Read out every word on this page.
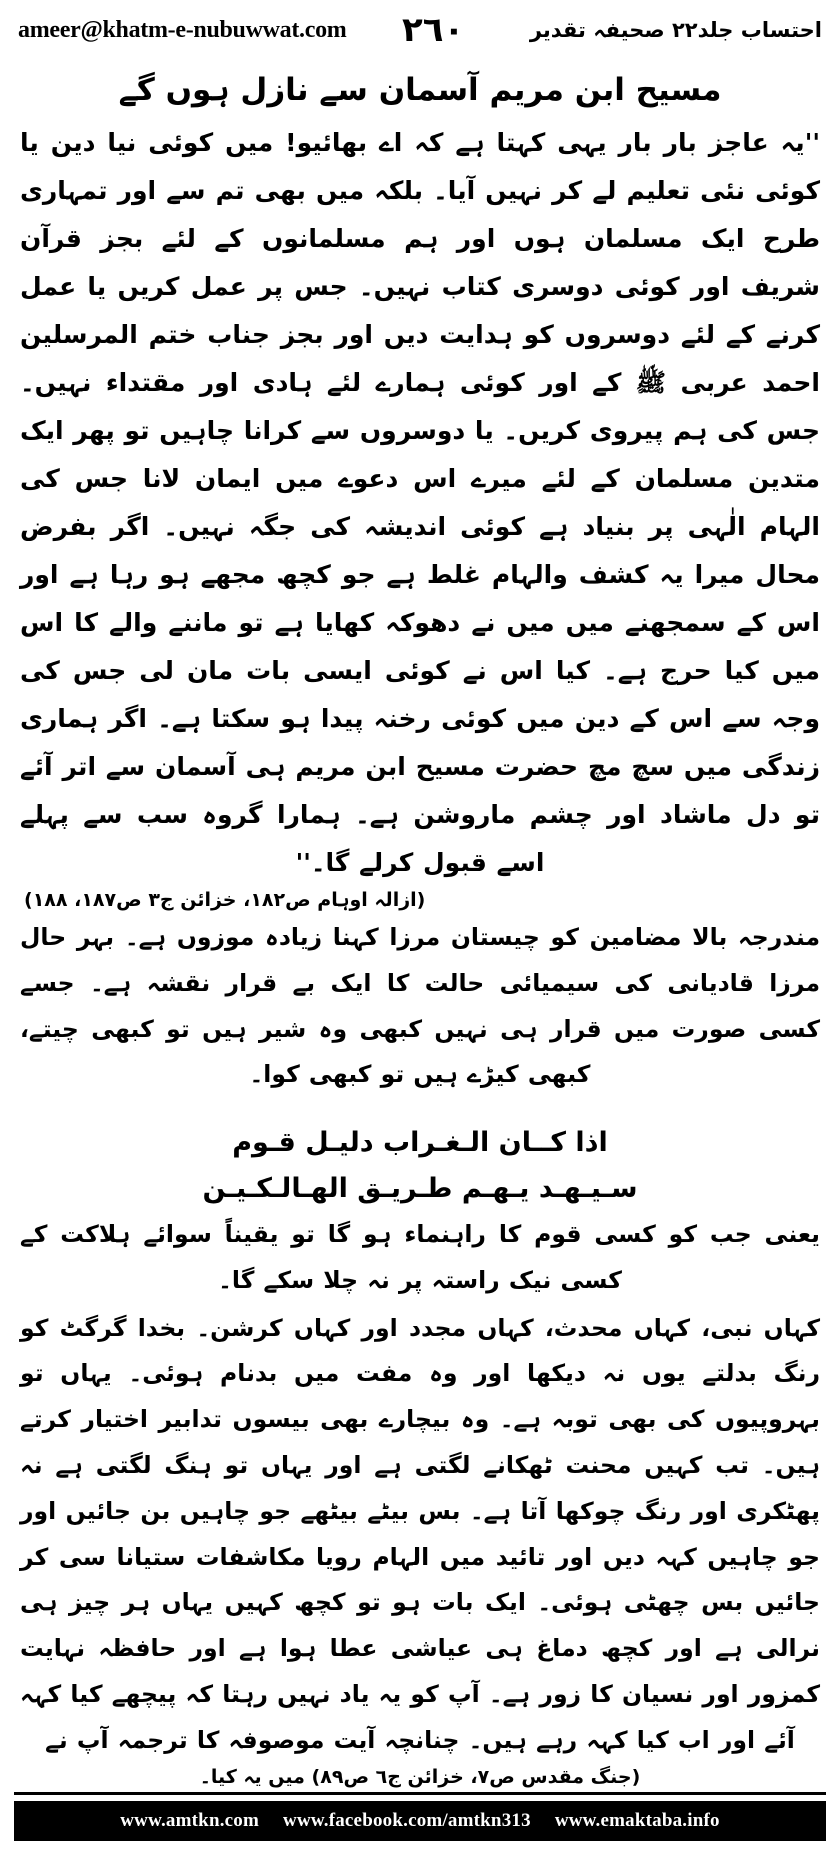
ameer@khatm-e-nubuwwat.com ٢٦٠	احتساب جلد٢٢ صحیفہ تقدیر
مسیح ابن مریم آسمان سے نازل ہوں گے
''یہ عاجز بار بار یہی کہتا ہے کہ اے بھائیو! میں کوئی نیا دین یا کوئی نئی تعلیم لے کر نہیں آیا۔ بلکہ میں بھی تم سے اور تمہاری طرح ایک مسلمان ہوں اور ہم مسلمانوں کے لئے بجز قرآن شریف اور کوئی دوسری کتاب نہیں۔ جس پر عمل کریں یا عمل کرنے کے لئے دوسروں کو ہدایت دیں اور بجز جناب ختم المرسلین احمد عربی ﷺ کے اور کوئی ہمارے لئے ہادی اور مقتداء نہیں۔ جس کی ہم پیروی کریں۔ یا دوسروں سے کرانا چاہیں تو پھر ایک متدین مسلمان کے لئے میرے اس دعوے میں ایمان لانا جس کی الہام الٰہی پر بنیاد ہے کوئی اندیشہ کی جگہ نہیں۔ اگر بفرض محال میرا یہ کشف والہام غلط ہے جو کچھ مجھے ہو رہا ہے اور اس کے سمجھنے میں میں نے دھوکہ کھایا ہے تو ماننے والے کا اس میں کیا حرج ہے۔ کیا اس نے کوئی ایسی بات مان لی جس کی وجہ سے اس کے دین میں کوئی رخنہ پیدا ہو سکتا ہے۔ اگر ہماری زندگی میں سچ مچ حضرت مسیح ابن مریم ہی آسمان سے اتر آئے تو دل ماشاد اور چشم ماروشن ہے۔ ہمارا گروہ سب سے پہلے اسے قبول کرلے گا۔''
(ازالہ اوہام ص١٨٢، خزائن ج٣ ص١٨٧، ١٨٨)
مندرجہ بالا مضامین کو چیستان مرزا کہنا زیادہ موزوں ہے۔ بہر حال مرزا قادیانی کی سیمیائی حالت کا ایک بے قرار نقشہ ہے۔ جسے کسی صورت میں قرار ہی نہیں کبھی وہ شیر ہیں تو کبھی چیتے، کبھی کیڑے ہیں تو کبھی کوا۔
اذا كــان الـغـراب دلیـل قـوم
سـیـهـد یـهـم طـریـق الهـالـكـیـن
یعنی جب کو کسی قوم کا راہنماء ہو گا تو یقیناً سوائے ہلاکت کے کسی نیک راستہ پر نہ چلا سکے گا۔
کہاں نبی، کہاں محدث، کہاں مجدد اور کہاں کرشن۔ بخدا گرگٹ کو رنگ بدلتے یوں نہ دیکھا اور وہ مفت میں بدنام ہوئی۔ یہاں تو بہروپیوں کی بھی توبہ ہے۔ وہ بیچارے بھی بیسوں تدابیر اختیار کرتے ہیں۔ تب کہیں محنت ٹھکانے لگتی ہے اور یہاں تو ہنگ لگتی ہے نہ پھٹکری اور رنگ چوکھا آتا ہے۔ بس بیٹے بیٹھے جو چاہیں بن جائیں اور جو چاہیں کہہ دیں اور تائید میں الہام رویا مکاشفات ستیانا سی کر جائیں بس چھٹی ہوئی۔ ایک بات ہو تو کچھ کہیں یہاں ہر چیز ہی نرالی ہے اور کچھ دماغ ہی عیاشی عطا ہوا ہے اور حافظہ نہایت کمزور اور نسیان کا زور ہے۔ آپ کو یہ یاد نہیں رہتا کہ پیچھے کیا کہہ آئے اور اب کیا کہہ رہے ہیں۔ چنانچہ آیت موصوفہ کا ترجمہ آپ نے
(جنگ مقدس ص٧، خزائن ج٦ ص٨٩) میں یہ کیا۔
www.amtkn.com	www.facebook.com/amtkn313	www.emaktaba.info
